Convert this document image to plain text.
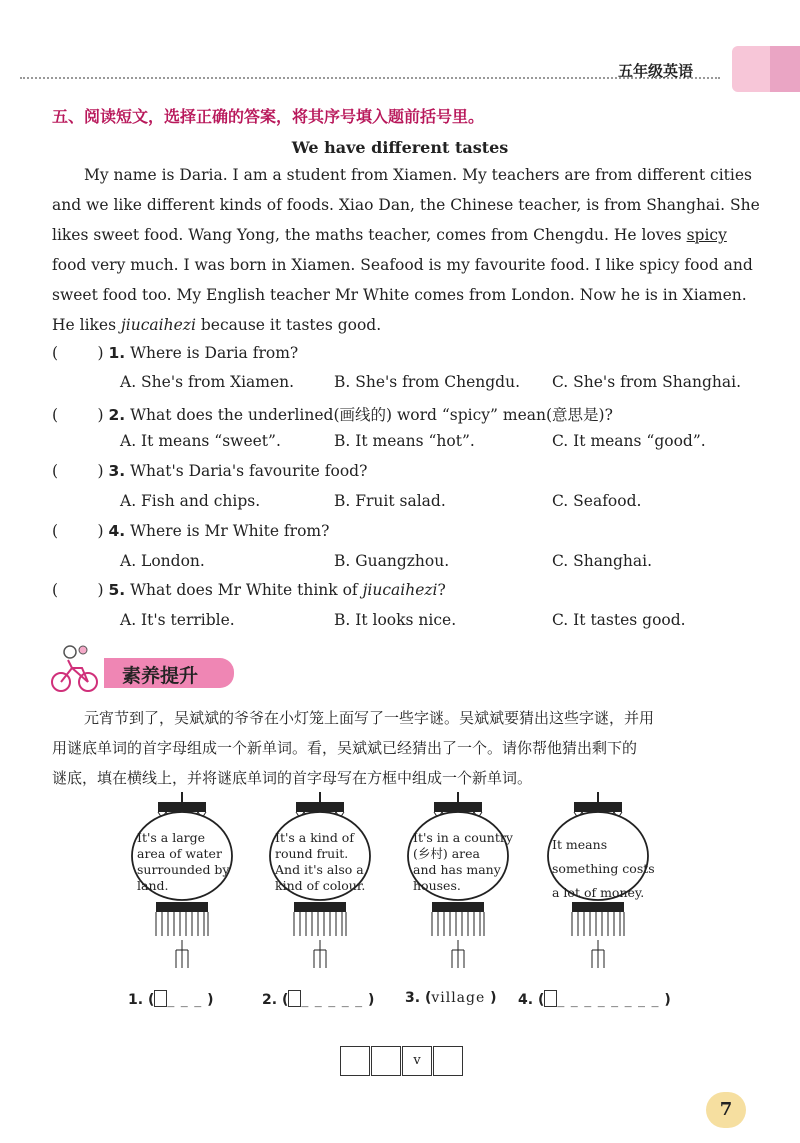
五年级英语
五、阅读短文，选择正确的答案，将其序号填入题前括号里。
We have different tastes
My name is Daria. I am a student from Xiamen. My teachers are from different cities
and we like different kinds of foods. Xiao Dan, the Chinese teacher, is from Shanghai. She
likes sweet food. Wang Yong, the maths teacher, comes from Chengdu. He loves spicy
food very much. I was born in Xiamen. Seafood is my favourite food. I like spicy food and
sweet food too. My English teacher Mr White comes from London. Now he is in Xiamen.
He likes jiucaihezi because it tastes good.
(        ) 1. Where is Daria from?
A. She's from Xiamen.	B. She's from Chengdu. C. She's from Shanghai.
(        ) 2. What does the underlined(画线的) word “spicy” mean(意思是)?
A. It means “sweet”.	B. It means “hot”.	C. It means “good”.
(        ) 3. What's Daria's favourite food?
A. Fish and chips.	B. Fruit salad.	C. Seafood.
(        ) 4. Where is Mr White from?
A. London.	B. Guangzhou.	C. Shanghai.
(        ) 5. What does Mr White think of jiucaihezi?
A. It's terrible.	B. It looks nice.	C. It tastes good.
素养提升
元宵节到了，吴斌斌的爷爷在小灯笼上面写了一些字谜。吴斌斌要猜出这些字谜，并用
用谜底单词的首字母组成一个新单词。看，吴斌斌已经猜出了一个。请你帮他猜出剩下的
谜底，填在横线上，并将谜底单词的首字母写在方框中组成一个新单词。
It's a large
area of water
surrounded by
land.
It's a kind of
round fruit.
And it's also a
kind of colour.
It's in a country
(乡村) area
and has many
houses.
It means
something costs
a lot of money.
1. ( _ _ _ )	2. ( _ _ _ _ _ ) 3. (village ) 4. ( _ _ _ _ _ _ _ _ )
v
7
